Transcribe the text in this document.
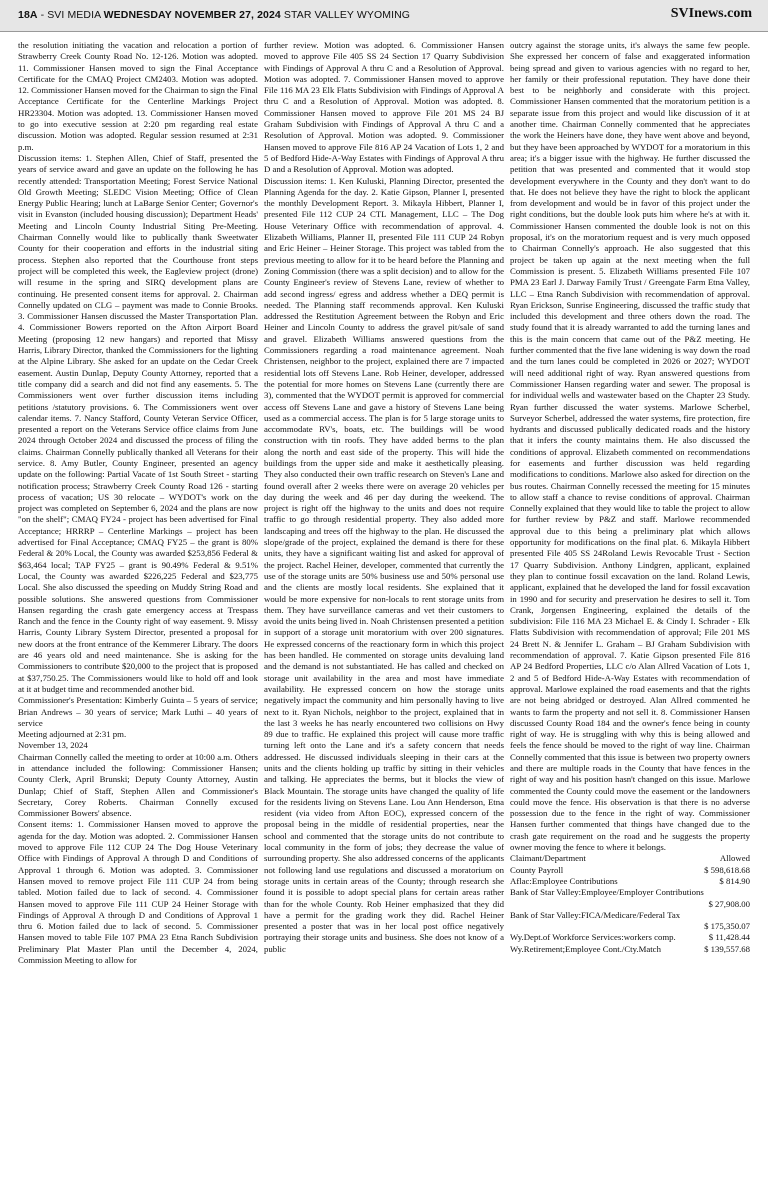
18A - SVI MEDIA WEDNESDAY NOVEMBER 27, 2024 STAR VALLEY WYOMING	SVInews.com

the resolution initiating the vacation and relocation a portion of Strawberry Creek County Road No. 12-126. Motion was adopted. 11. Commissioner Hansen moved to sign the Final Acceptance Certificate for the CMAQ Project CM2403. Motion was adopted. 12. Commissioner Hansen moved for the Chairman to sign the Final Acceptance Certificate for the Centerline Markings Project HR23304. Motion was adopted. 13. Commissioner Hansen moved to go into executive session at 2:20 pm regarding real estate discussion. Motion was adopted. Regular session resumed at 2:31 p.m.

Discussion items: 1. Stephen Allen, Chief of Staff, presented the years of service award and gave an update on the following he has recently attended: Transportation Meeting; Forest Service National Old Growth Meeting; SLEDC Vision Meeting; Office of Clean Energy Public Hearing; lunch at LaBarge Senior Center; Governor's visit in Evanston (included housing discussion); Department Heads' Meeting and Lincoln County Industrial Siting Pre-Meeting. Chairman Connelly would like to publically thank Sweetwater County for their cooperation and efforts in the industrial siting process. Stephen also reported that the Courthouse front steps project will be completed this week, the Eagleview project (drone) will resume in the spring and SIRQ development plans are continuing. He presented consent items for approval. 2. Chairman Connelly updated on CLG – payment was made to Connie Brooks. 3. Commissioner Hansen discussed the Master Transportation Plan. 4. Commissioner Bowers reported on the Afton Airport Board Meeting (proposing 12 new hangars) and reported that Missy Harris, Library Director, thanked the Commissioners for the lighting at the Alpine Library. She asked for an update on the Cedar Creek easement. Austin Dunlap, Deputy County Attorney, reported that a title company did a search and did not find any easements. 5. The Commissioners went over further discussion items including petitions /statutory provisions. 6. The Commissioners went over calendar items. 7. Nancy Stafford, County Veteran Service Officer, presented a report on the Veterans Service office claims from June 2024 through October 2024 and discussed the process of filing the claims. Chairman Connelly publically thanked all Veterans for their service. 8. Amy Butler, County Engineer, presented an agency update on the following: Partial Vacate of 1st South Street - starting notification process; Strawberry Creek County Road 126 - starting process of vacation; US 30 relocate – WYDOT's work on the project was completed on September 6, 2024 and the plans are now "on the shelf"; CMAQ FY24 - project has been advertised for Final Acceptance; HRRRP – Centerline Markings – project has been advertised for Final Acceptance; CMAQ FY25 – the grant is 80% Federal & 20% Local, the County was awarded $253,856 Federal & $63,464 local; TAP FY25 – grant is 90.49% Federal & 9.51% Local, the County was awarded $226,225 Federal and $23,775 Local. She also discussed the speeding on Muddy String Road and possible solutions. She answered questions from Commissioner Hansen regarding the crash gate emergency access at Trespass Ranch and the fence in the County right of way easement. 9. Missy Harris, County Library System Director, presented a proposal for new doors at the front entrance of the Kemmerer Library. The doors are 46 years old and need maintenance. She is asking for the Commissioners to contribute $20,000 to the project that is proposed at $37,750.25. The Commissioners would like to hold off and look at it at budget time and recommended another bid.

Commissioner's Presentation: Kimberly Guinta – 5 years of service; Brian Andrews – 30 years of service; Mark Luthi – 40 years of service

Meeting adjourned at 2:31 pm.

November 13, 2024

Chairman Connelly called the meeting to order at 10:00 a.m. Others in attendance included the following: Commissioner Hansen; County Clerk, April Brunski; Deputy County Attorney, Austin Dunlap; Chief of Staff, Stephen Allen and Commissioner's Secretary, Corey Roberts. Chairman Connelly excused Commissioner Bowers' absence.

Consent items: 1. Commissioner Hansen moved to approve the agenda for the day. Motion was adopted. 2. Commissioner Hansen moved to approve File 112 CUP 24 The Dog House Veterinary Office with Findings of Approval A through D and Conditions of Approval 1 through 6. Motion was adopted. 3. Commissioner Hansen moved to remove project File 111 CUP 24 from being tabled. Motion failed due to lack of second. 4. Commissioner Hansen moved to approve File 111 CUP 24 Heiner Storage with Findings of Approval A through D and Conditions of Approval 1 thru 6. Motion failed due to lack of second. 5. Commissioner Hansen moved to table File 107 PMA 23 Etna Ranch Subdivision Preliminary Plat Master Plan until the December 4, 2024, Commission Meeting to allow for

further review. Motion was adopted. 6. Commissioner Hansen moved to approve File 405 SS 24 Section 17 Quarry Subdivision with Findings of Approval A thru C and a Resolution of Approval. Motion was adopted. 7. Commissioner Hansen moved to approve File 116 MA 23 Elk Flatts Subdivision with Findings of Approval A thru C and a Resolution of Approval. Motion was adopted. 8. Commissioner Hansen moved to approve File 201 MS 24 BJ Graham Subdivision with Findings of Approval A thru C and a Resolution of Approval. Motion was adopted. 9. Commissioner Hansen moved to approve File 816 AP 24 Vacation of Lots 1, 2 and 5 of Bedford Hide-A-Way Estates with Findings of Approval A thru D and a Resolution of Approval. Motion was adopted.

Discussion items: 1. Ken Kuluski, Planning Director, presented the Planning Agenda for the day. 2. Katie Gipson, Planner I, presented the monthly Development Report. 3. Mikayla Hibbert, Planner I, presented File 112 CUP 24 CTL Management, LLC – The Dog House Veterinary Office with recommendation of approval. 4. Elizabeth Williams, Planner II, presented File 111 CUP 24 Robyn and Eric Heiner – Heiner Storage. This project was tabled from the previous meeting to allow for it to be heard before the Planning and Zoning Commission (there was a split decision) and to allow for the County Engineer's review of Stevens Lane, review of whether to add second ingress/ egress and address whether a DEQ permit is needed. The Planning staff recommends approval. Ken Kuluski addressed the Restitution Agreement between the Robyn and Eric Heiner and Lincoln County to address the gravel pit/sale of sand and gravel. Elizabeth Williams answered questions from the Commissioners regarding a road maintenance agreement. Noah Christensen, neighbor to the project, explained there are 7 impacted residential lots off Stevens Lane. Rob Heiner, developer, addressed the potential for more homes on Stevens Lane (currently there are 3), commented that the WYDOT permit is approved for commercial access off Stevens Lane and gave a history of Stevens Lane being used as a commercial access. The plan is for 5 large storage units to accommodate RV's, boats, etc. The buildings will be wood construction with tin roofs. They have added berms to the plan along the north and east side of the property. This will hide the buildings from the upper side and make it aesthetically pleasing. They also conducted their own traffic research on Steven's Lane and found overall after 2 weeks there were on average 20 vehicles per day during the week and 46 per day during the weekend. The project is right off the highway to the units and does not require traffic to go through residential property. They also added more landscaping and trees off the highway to the plan. He discussed the slope/grade of the project, explained the demand is there for these units, they have a significant waiting list and asked for approval of the project. Rachel Heiner, developer, commented that currently the use of the storage units are 50% business use and 50% personal use and the clients are mostly local residents. She explained that it would be more expensive for non-locals to rent storage units from them. They have surveillance cameras and vet their customers to avoid the units being lived in. Noah Christensen presented a petition in support of a storage unit moratorium with over 200 signatures. He expressed concerns of the reactionary form in which this project has been handled. He commented on storage units devaluing land and the demand is not substantiated. He has called and checked on storage unit availability in the area and most have immediate availability. He expressed concern on how the storage units negatively impact the community and him personally having to live next to it. Ryan Nichols, neighbor to the project, explained that in the last 3 weeks he has nearly encountered two collisions on Hwy 89 due to traffic. He explained this project will cause more traffic turning left onto the Lane and it's a safety concern that needs addressed. He discussed individuals sleeping in their cars at the units and the clients holding up traffic by sitting in their vehicles and talking. He appreciates the berms, but it blocks the view of Black Mountain. The storage units have changed the quality of life for the residents living on Stevens Lane. Lou Ann Henderson, Etna resident (via video from Afton EOC), expressed concern of the proposal being in the middle of residential properties, near the school and commented that the storage units do not contribute to local community in the form of jobs; they decrease the value of surrounding property. She also addressed concerns of the applicants not following land use regulations and discussed a moratorium on storage units in certain areas of the County; through research she found it is possible to adopt special plans for certain areas rather than for the whole County. Rob Heiner emphasized that they did have a permit for the grading work they did. Rachel Heiner presented a poster that was in her local post office negatively portraying their storage units and business. She does not know of a public

outcry against the storage units, it's always the same few people. She expressed her concern of false and exaggerated information being spread and given to various agencies with no regard to her, her family or their professional reputation. They have done their best to be neighborly and considerate with this project. Commissioner Hansen commented that the moratorium petition is a separate issue from this project and would like discussion of it at another time. Chairman Connelly commented that he appreciates the work the Heiners have done, they have went above and beyond, but they have been approached by WYDOT for a moratorium in this area; it's a bigger issue with the highway. He further discussed the petition that was presented and commented that it would stop development everywhere in the County and they don't want to do that. He does not believe they have the right to block the applicant from development and would be in favor of this project under the right conditions, but the double look puts him where he's at with it. Commissioner Hansen commented the double look is not on this proposal, it's on the moratorium request and is very much opposed to Chairman Connelly's approach. He also suggested that this project be taken up again at the next meeting when the full Commission is present. 5. Elizabeth Williams presented File 107 PMA 23 Earl J. Darway Family Trust / Greengate Farm Etna Valley, LLC – Etna Ranch Subdivision with recommendation of approval. Ryan Erickson, Sunrise Engineering, discussed the traffic study that included this development and three others down the road. The study found that it is already warranted to add the turning lanes and this is the main concern that came out of the P&Z meeting. He further commented that the five lane widening is way down the road and the turn lanes could be completed in 2026 or 2027; WYDOT will need additional right of way. Ryan answered questions from Commissioner Hansen regarding water and sewer. The proposal is for individual wells and wastewater based on the Chapter 23 Study. Ryan further discussed the water systems. Marlowe Scherbel, Surveyor Scherbel, addressed the water systems, fire protection, fire hydrants and discussed publically dedicated roads and the history that it infers the county maintains them. He also discussed the conditions of approval. Elizabeth commented on recommendations for easements and further discussion was held regarding modifications to conditions. Marlowe also asked for direction on the bus routes. Chairman Connelly recessed the meeting for 15 minutes to allow staff a chance to revise conditions of approval. Chairman Connelly explained that they would like to table the project to allow for further review by P&Z and staff. Marlowe recommended approval due to this being a preliminary plat which allows opportunity for modifications on the final plat. 6. Mikayla Hibbert presented File 405 SS 24Roland Lewis Revocable Trust - Section 17 Quarry Subdivision. Anthony Lindgren, applicant, explained they plan to continue fossil excavation on the land. Roland Lewis, applicant, explained that he developed the land for fossil excavation in 1990 and for security and preservation he desires to sell it. Tom Crank, Jorgensen Engineering, explained the details of the subdivision: File 116 MA 23 Michael E. & Cindy I. Schrader - Elk Flatts Subdivision with recommendation of approval; File 201 MS 24 Brett N. & Jennifer L. Graham – BJ Graham Subdivision with recommendation of approval. 7. Katie Gipson presented File 816 AP 24 Bedford Properties, LLC c/o Alan Allred Vacation of Lots 1, 2 and 5 of Bedford Hide-A-Way Estates with recommendation of approval. Marlowe explained the road easements and that the rights are not being abridged or destroyed. Alan Allred commented he wants to farm the property and not sell it. 8. Commissioner Hansen discussed County Road 184 and the owner's fence being in county right of way. He is struggling with why this is being allowed and feels the fence should be moved to the right of way line. Chairman Connelly commented that this issue is between two property owners and there are multiple roads in the County that have fences in the right of way and his position hasn't changed on this issue. Marlowe commented the County could move the easement or the landowners could move the fence. His observation is that there is no adverse possession due to the fence in the right of way. Commissioner Hansen further commented that things have changed due to the crash gate requirement on the road and he suggests the property owner moving the fence to where it belongs.

Claimant/Department	Allowed
County Payroll	$ 598,618.68
Aflac:Employee Contributions	$ 814.90
Bank of Star Valley:Employee/Employer Contributions	
$ 27,908.00	
Bank of Star Valley:FICA/Medicare/Federal Tax	
$ 175,350.07	
Wy.Dept.of Workforce Services:workers comp.	$ 11,428.44
Wy.Retirement;Employee Cont./Cty.Match	$ 139,557.68
